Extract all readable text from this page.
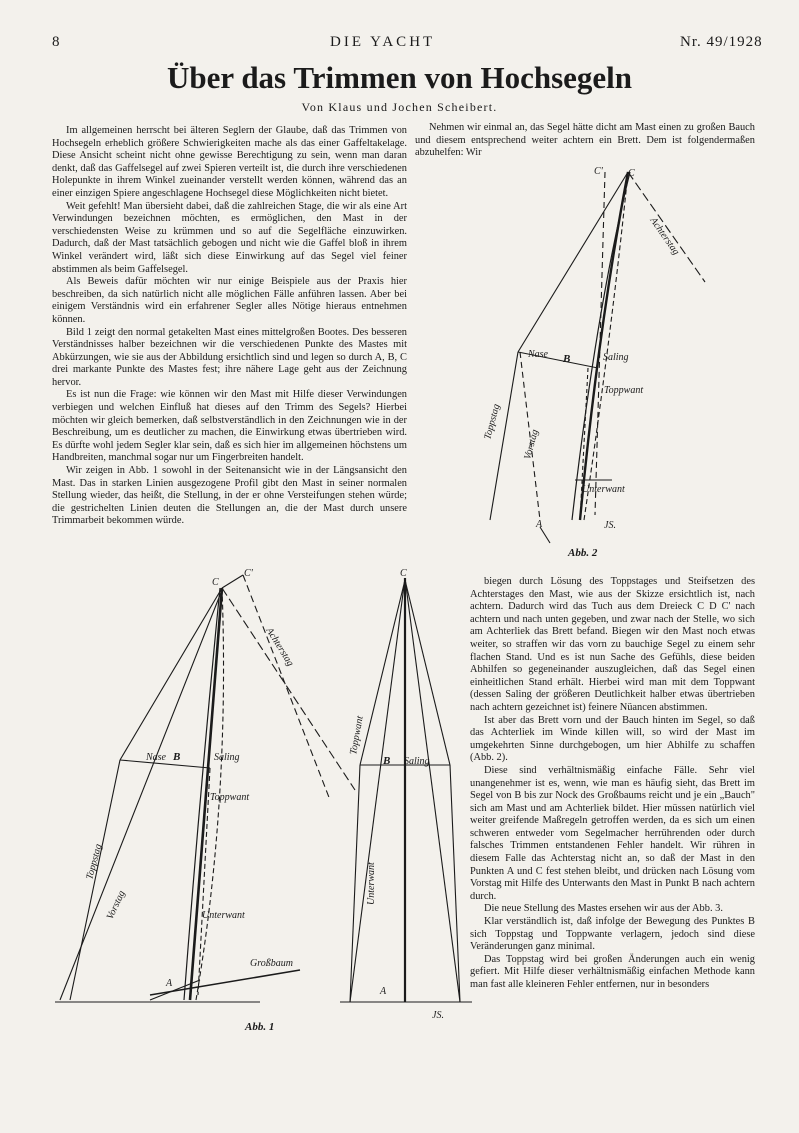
8	DIE YACHT	Nr. 49/1928
Über das Trimmen von Hochsegeln
Von Klaus und Jochen Scheibert.

Im allgemeinen herrscht bei älteren Seglern der Glaube, daß das Trimmen von Hochsegeln erheblich größere Schwierigkeiten mache als das einer Gaffeltakelage. Diese Ansicht scheint nicht ohne gewisse Berechtigung zu sein, wenn man daran denkt, daß das Gaffelsegel auf zwei Spieren verteilt ist, die durch ihre verschiedenen Holepunkte in ihrem Winkel zueinander verstellt werden können, während das an einer einzigen Spiere angeschlagene Hochsegel diese Möglichkeiten nicht bietet.

Weit gefehlt! Man übersieht dabei, daß die zahlreichen Stage, die wir als eine Art Verwindungen bezeichnen möchten, es ermöglichen, den Mast in der verschiedensten Weise zu krümmen und so auf die Segelfläche einzuwirken. Dadurch, daß der Mast tatsächlich gebogen und nicht wie die Gaffel bloß in ihrem Winkel verändert wird, läßt sich diese Einwirkung auf das Segel viel feiner abstimmen als beim Gaffelsegel.

Als Beweis dafür möchten wir nur einige Beispiele aus der Praxis hier beschreiben, da sich natürlich nicht alle möglichen Fälle anführen lassen. Aber bei einigem Verständnis wird ein erfahrener Segler alles Nötige hieraus entnehmen können.

Bild 1 zeigt den normal getakelten Mast eines mittelgroßen Bootes. Des besseren Verständnisses halber bezeichnen wir die verschiedenen Punkte des Mastes mit Abkürzungen, wie sie aus der Abbildung ersichtlich sind und legen so durch A, B, C drei markante Punkte des Mastes fest; ihre nähere Lage geht aus der Zeichnung hervor.

Es ist nun die Frage: wie können wir den Mast mit Hilfe dieser Verwindungen verbiegen und welchen Einfluß hat dieses auf den Trimm des Segels? Hierbei möchten wir gleich bemerken, daß selbstverständlich in den Zeichnungen wie in der Beschreibung, um es deutlicher zu machen, die Einwirkung etwas übertrieben wird. Es dürfte wohl jedem Segler klar sein, daß es sich hier im allgemeinen höchstens um Handbreiten, manchmal sogar nur um Fingerbreiten handelt.

Wir zeigen in Abb. 1 sowohl in der Seitenansicht wie in der Längsansicht den Mast. Das in starken Linien ausgezogene Profil gibt den Mast in seiner normalen Stellung wieder, das heißt, die Stellung, in der er ohne Versteifungen stehen würde; die gestrichelten Linien deuten die Stellungen an, die der Mast durch unsere Trimmarbeit bekommen würde.

Nehmen wir einmal an, das Segel hätte dicht am Mast einen zu großen Bauch und diesem entsprechend weiter achtern ein Brett. Dem ist folgendermaßen abzuhelfen: Wir

biegen durch Lösung des Toppstages und Steifsetzen des Achterstages den Mast, wie aus der Skizze ersichtlich ist, nach achtern. Dadurch wird das Tuch aus dem Dreieck C D C' nach achtern und nach unten gegeben, und zwar nach der Stelle, wo sich am Achterliek das Brett befand. Biegen wir den Mast noch etwas weiter, so straffen wir das vorn zu bauchige Segel zu einem sehr flachen Stand. Und es ist nun Sache des Gefühls, diese beiden Abhilfen so gegeneinander auszugleichen, daß das Segel einen einheitlichen Stand erhält. Hierbei wird man mit dem Toppwant (dessen Saling der größeren Deutlichkeit halber etwas übertrieben nach achtern gezeichnet ist) feinere Nüancen abstimmen.

Ist aber das Brett vorn und der Bauch hinten im Segel, so daß das Achterliek im Winde killen will, so wird der Mast im umgekehrten Sinne durchgebogen, um hier Abhilfe zu schaffen (Abb. 2).

Diese sind verhältnismäßig einfache Fälle. Sehr viel unangenehmer ist es, wenn, wie man es häufig sieht, das Brett im Segel von B bis zur Nock des Großbaums reicht und je ein „Bauch" sich am Mast und am Achterliek bildet. Hier müssen natürlich viel weiter greifende Maßregeln getroffen werden, da es sich um einen schweren entweder vom Segelmacher herrührenden oder durch falsches Trimmen entstandenen Fehler handelt. Wir rühren in diesem Falle das Achterstag nicht an, so daß der Mast in den Punkten A und C fest stehen bleibt, und drücken nach Lösung vom Vorstag mit Hilfe des Unterwants den Mast in Punkt B nach achtern durch.

Die neue Stellung des Mastes ersehen wir aus der Abb. 3.

Klar verständlich ist, daß infolge der Bewegung des Punktes B sich Toppstag und Toppwante verlagern, jedoch sind diese Veränderungen ganz minimal.

Das Toppstag wird bei großen Änderungen auch ein wenig gefiert. Mit Hilfe dieser verhältnismäßig einfachen Methode kann man fast alle kleineren Fehler entfernen, nur in besonders

C'	C
Achterstag
Nase B	Saling
Toppwant
Toppstag
Vorstag
Unterwant
A	JS.
C
C'
Achterstag
Nase B	Saling
Toppwant
Toppstag
Vorstag	Unterwant
Großbaum
A
C
Toppwant
B Saling
Unterwant
A
JS.
Abb. 2
Abb. 1
